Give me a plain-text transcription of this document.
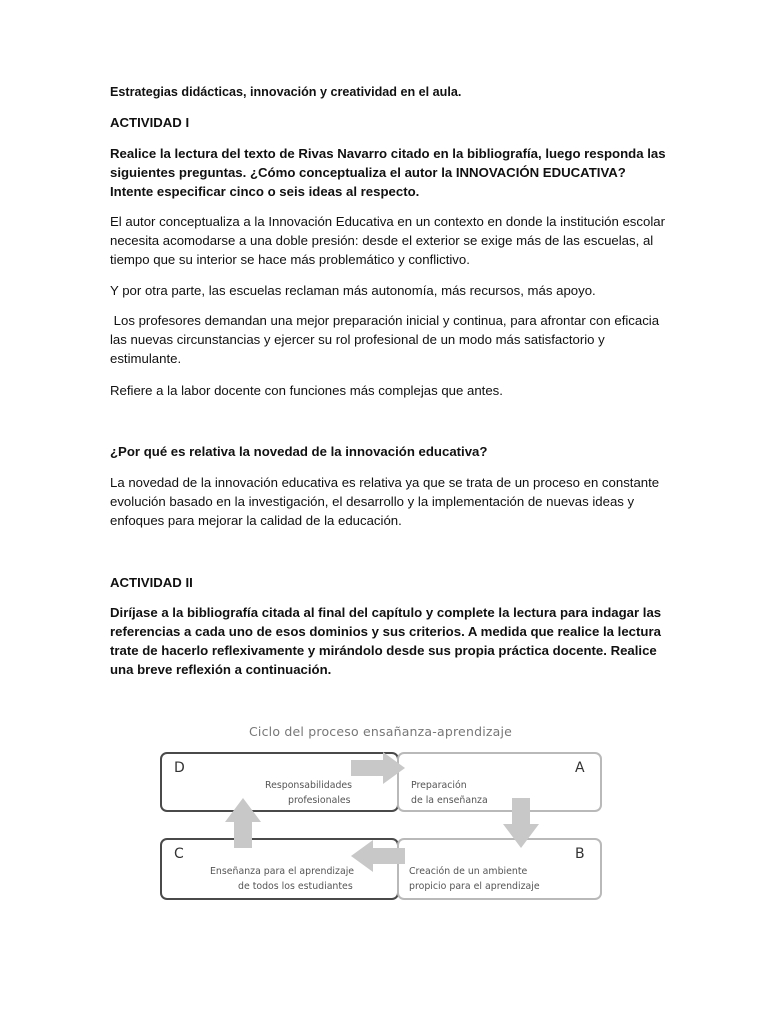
Estrategias didácticas, innovación y creatividad en el aula.

ACTIVIDAD I

Realice la lectura del texto de Rivas Navarro citado en la bibliografía, luego responda las siguientes preguntas. ¿Cómo conceptualiza el autor la INNOVACIÓN EDUCATIVA? Intente especificar cinco o seis ideas al respecto.

El autor conceptualiza a la Innovación Educativa en un contexto en donde la institución escolar necesita acomodarse a una doble presión: desde el exterior se exige más de las escuelas, al tiempo que su interior se hace más problemático y conflictivo.

Y por otra parte, las escuelas reclaman más autonomía, más recursos, más apoyo.

Los profesores demandan una mejor preparación inicial y continua, para afrontar con eficacia las nuevas circunstancias y ejercer su rol profesional de un modo más satisfactorio y estimulante.

Refiere a la labor docente con funciones más complejas que antes.

¿Por qué es relativa la novedad de la innovación educativa?

La novedad de la innovación educativa es relativa ya que se trata de un proceso en constante evolución basado en la investigación, el desarrollo y la implementación de nuevas ideas y enfoques para mejorar la calidad de la educación.

ACTIVIDAD II

Diríjase a la bibliografía citada al final del capítulo y complete la lectura para indagar las referencias a cada uno de esos dominios y sus criterios. A medida que realice la lectura trate de hacerlo reflexivamente y mirándolo desde sus propia práctica docente. Realice una breve reflexión a continuación.

Ciclo del proceso ensañanza-aprendizaje
D
Responsabilidades
profesionales
A
Preparación
de la enseñanza
C
Enseñanza para el aprendizaje
de todos los estudiantes
B
Creación de un ambiente
propicio para el aprendizaje
